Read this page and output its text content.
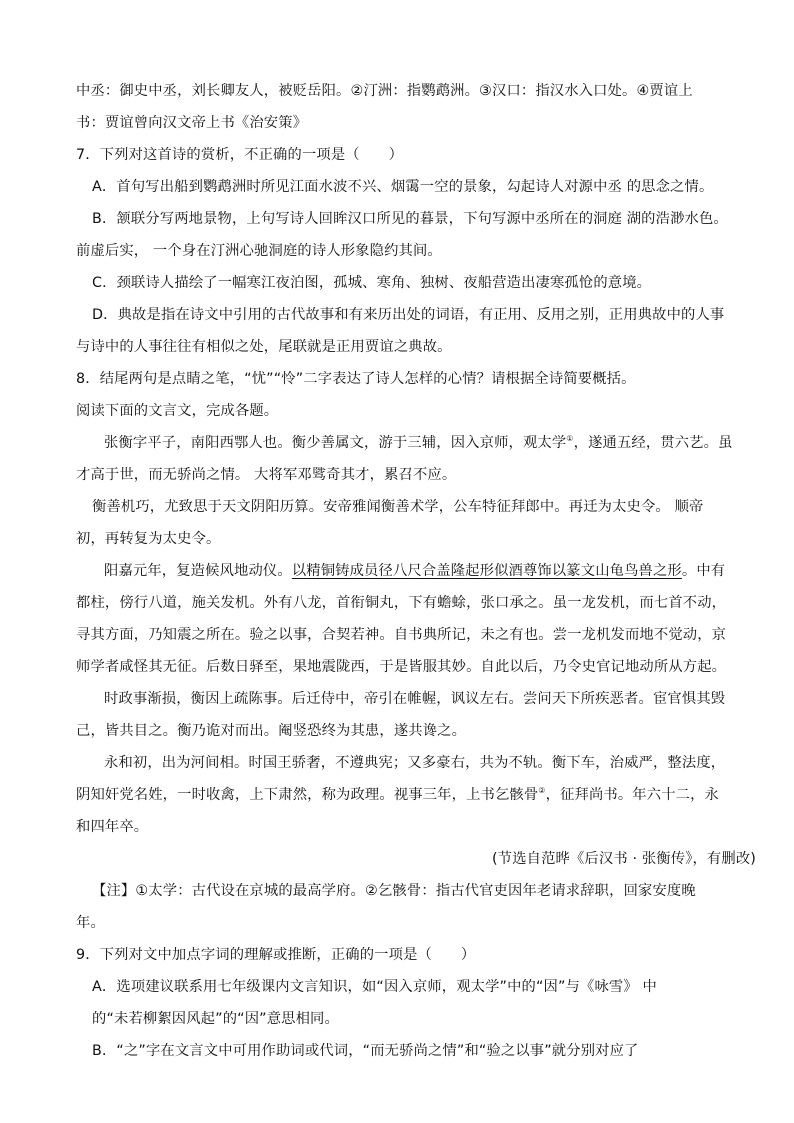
中丞：御史中丞，刘长卿友人，被贬岳阳。②汀洲：指鹦鹉洲。③汉口：指汉水入口处。④贾谊上
书：贾谊曾向汉文帝上书《治安策》
7．下列对这首诗的赏析，不正确的一项是（　　）
A．首句写出船到鹦鹉洲时所见江面水波不兴、烟霭一空的景象，勾起诗人对源中丞 的思念之情。
B．颔联分写两地景物，上句写诗人回眸汉口所见的暮景，下句写源中丞所在的洞庭 湖的浩渺水色。
前虚后实， 一个身在汀洲心驰洞庭的诗人形象隐约其间。
C．颈联诗人描绘了一幅寒江夜泊图，孤城、寒角、独树、夜船营造出凄寒孤怆的意境。
D．典故是指在诗文中引用的古代故事和有来历出处的词语，有正用、反用之别，正用典故中的人事
与诗中的人事往往有相似之处，尾联就是正用贾谊之典故。
8．结尾两句是点睛之笔，“忧”“怜”二字表达了诗人怎样的心情？请根据全诗简要概括。
阅读下面的文言文，完成各题。
张衡字平子，南阳西鄂人也。衡少善属文，游于三辅，因入京师，观太学①，遂通五经，贯六艺。虽
才高于世，而无骄尚之情。 大将军邓骘奇其才，累召不应。
衡善机巧，尤致思于天文阴阳历算。安帝雅闻衡善术学，公车特征拜郎中。再迁为太史令。 顺帝
初，再转复为太史令。
阳嘉元年，复造候风地动仪。以精铜铸成员径八尺合盖隆起形似酒尊饰以篆文山龟鸟兽之形。中有
都柱，傍行八道，施关发机。外有八龙，首衔铜丸，下有蟾蜍，张口承之。虽一龙发机，而七首不动，
寻其方面，乃知震之所在。验之以事，合契若神。自书典所记，未之有也。尝一龙机发而地不觉动，京
师学者咸怪其无征。后数日驿至，果地震陇西，于是皆服其妙。自此以后，乃令史官记地动所从方起。
时政事渐损，衡因上疏陈事。后迁侍中，帝引在帷幄，讽议左右。尝问天下所疾恶者。宦官惧其毁
己，皆共目之。衡乃诡对而出。阉竖恐终为其患，遂共谗之。
永和初，出为河间相。时国王骄奢，不遵典宪；又多豪右，共为不轨。衡下车，治威严，整法度，
阴知奸党名姓，一时收禽，上下肃然，称为政理。视事三年，上书乞骸骨②，征拜尚书。年六十二，永
和四年卒。
(节选自范晔《后汉书 · 张衡传》，有删改)
【注】①太学：古代设在京城的最高学府。②乞骸骨：指古代官吏因年老请求辞职，回家安度晚
年。
9．下列对文中加点字词的理解或推断，正确的一项是（　　）
A．选项建议联系用七年级课内文言知识，如“因入京师，观太学”中的“因”与《咏雪》 中
的“未若柳絮因风起”的“因”意思相同。
B．“之”字在文言文中可用作助词或代词，“而无骄尚之情”和“验之以事”就分别对应了
